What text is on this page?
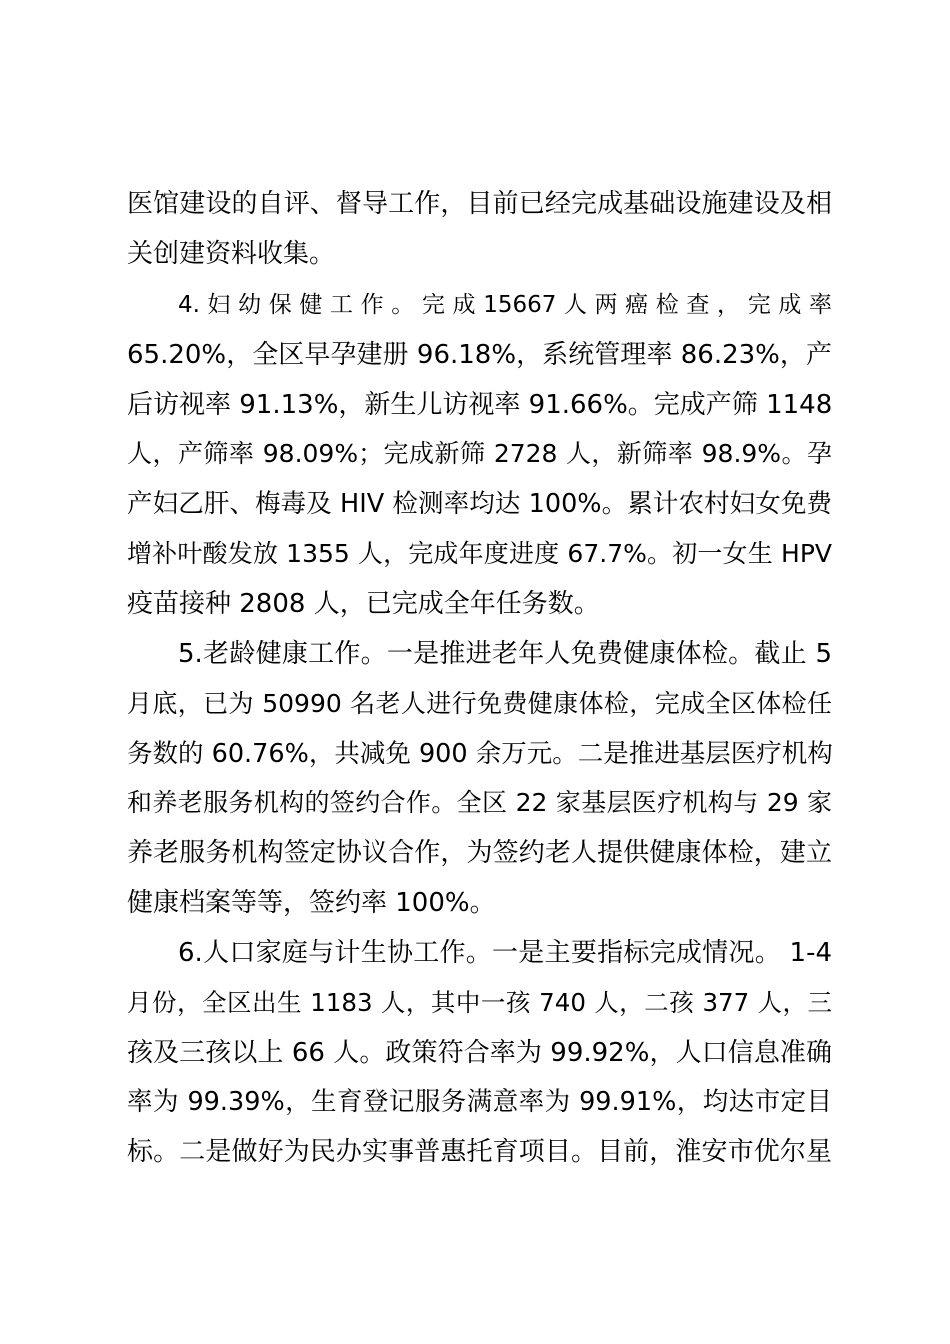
医馆建设的自评、督导工作，目前已经完成基础设施建设及相
关创建资料收集。
4. 妇 幼 保 健 工 作 。 完 成 15667 人 两 癌 检 查 ， 完 成 率
65.20%，全区早孕建册 96.18%，系统管理率 86.23%，产
后访视率 91.13%，新生儿访视率 91.66%。完成产筛 1148
人，产筛率 98.09%；完成新筛 2728 人，新筛率 98.9%。孕
产妇乙肝、梅毒及 HIV 检测率均达 100%。累计农村妇女免费
增补叶酸发放 1355 人，完成年度进度 67.7%。初一女生 HPV
疫苗接种 2808 人，已完成全年任务数。
5.老龄健康工作。一是推进老年人免费健康体检。截止 5
月底，已为 50990 名老人进行免费健康体检，完成全区体检任
务数的 60.76%，共减免 900 余万元。二是推进基层医疗机构
和养老服务机构的签约合作。全区 22 家基层医疗机构与 29 家
养老服务机构签定协议合作，为签约老人提供健康体检，建立
健康档案等等，签约率 100%。
6.人口家庭与计生协工作。一是主要指标完成情况。 1-4
月份，全区出生 1183 人，其中一孩 740 人，二孩 377 人，三
孩及三孩以上 66 人。政策符合率为 99.92%，人口信息准确
率为 99.39%，生育登记服务满意率为 99.91%，均达市定目
标。二是做好为民办实事普惠托育项目。目前，淮安市优尔星
